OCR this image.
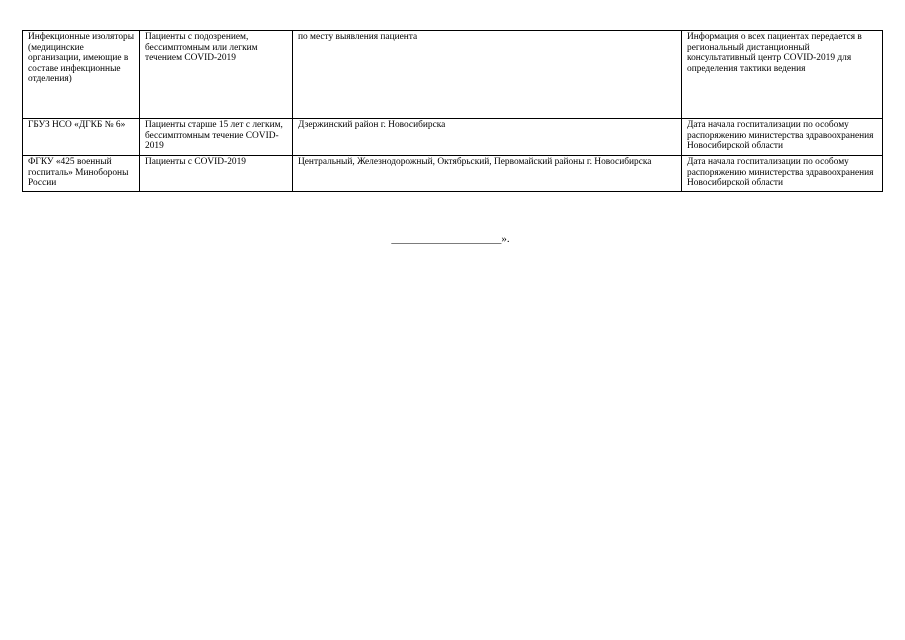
Инфекционные изоляторы (медицинские организации, имеющие в составе инфекционные отделения)	Пациенты с подозрением, бессимптомным или легким течением COVID-2019	по месту выявления пациента	Информация о всех пациентах передается в региональный дистанционный консультативный центр COVID-2019 для определения тактики ведения
ГБУЗ НСО «ДГКБ № 6»	Пациенты старше 15 лет с легким, бессимптомным течение COVID-2019	Дзержинский район г. Новосибирска	Дата начала госпитализации по особому распоряжению министерства здравоохранения Новосибирской области
ФГКУ «425 военный госпиталь» Минобороны России	Пациенты с COVID-2019	Центральный, Железнодорожный, Октябрьский, Первомайский районы г. Новосибирска	Дата начала госпитализации по особому распоряжению министерства здравоохранения Новосибирской области
____________________».
